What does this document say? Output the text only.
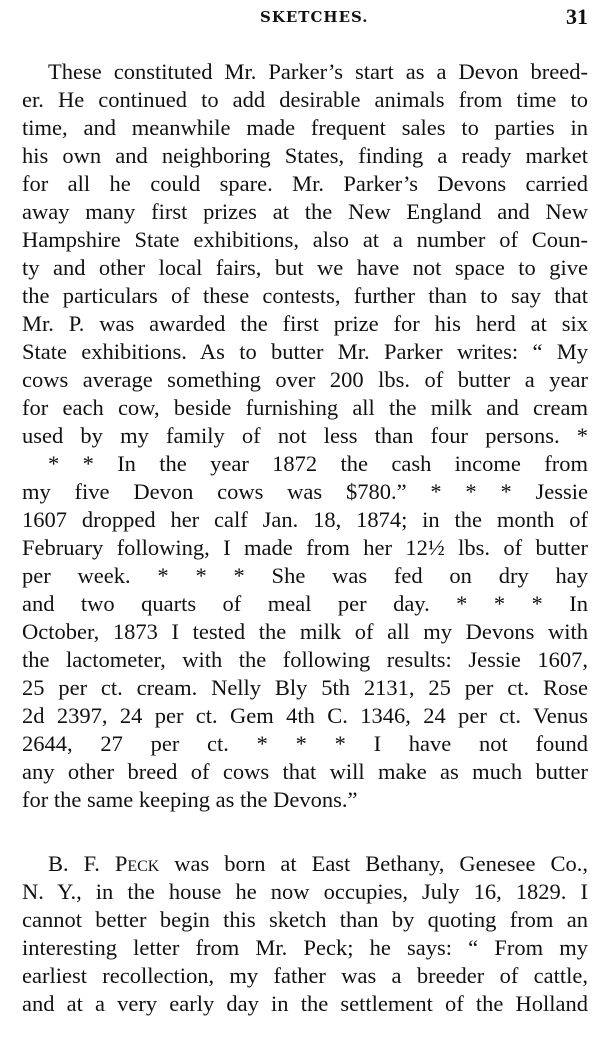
SKETCHES.	31
These constituted Mr. Parker’s start as a Devon breed-
er. He continued to add desirable animals from time to
time, and meanwhile made frequent sales to parties in
his own and neighboring States, finding a ready market
for all he could spare. Mr. Parker’s Devons carried
away many first prizes at the New England and New
Hampshire State exhibitions, also at a number of Coun-
ty and other local fairs, but we have not space to give
the particulars of these contests, further than to say that
Mr. P. was awarded the first prize for his herd at six
State exhibitions. As to butter Mr. Parker writes: “ My
cows average something over 200 lbs. of butter a year
for each cow, beside furnishing all the milk and cream
used by my family of not less than four persons. *
* * In the year 1872 the cash income from
my five Devon cows was $780.” * * * Jessie
1607 dropped her calf Jan. 18, 1874; in the month of
February following, I made from her 12½ lbs. of butter
per week. * * * She was fed on dry hay
and two quarts of meal per day. * * * In
October, 1873 I tested the milk of all my Devons with
the lactometer, with the following results: Jessie 1607,
25 per ct. cream. Nelly Bly 5th 2131, 25 per ct. Rose
2d 2397, 24 per ct. Gem 4th C. 1346, 24 per ct. Venus
2644, 27 per ct. * * * I have not found
any other breed of cows that will make as much butter
for the same keeping as the Devons.”
B. F. Peck was born at East Bethany, Genesee Co.,
N. Y., in the house he now occupies, July 16, 1829. I
cannot better begin this sketch than by quoting from an
interesting letter from Mr. Peck; he says: “ From my
earliest recollection, my father was a breeder of cattle,
and at a very early day in the settlement of the Holland
